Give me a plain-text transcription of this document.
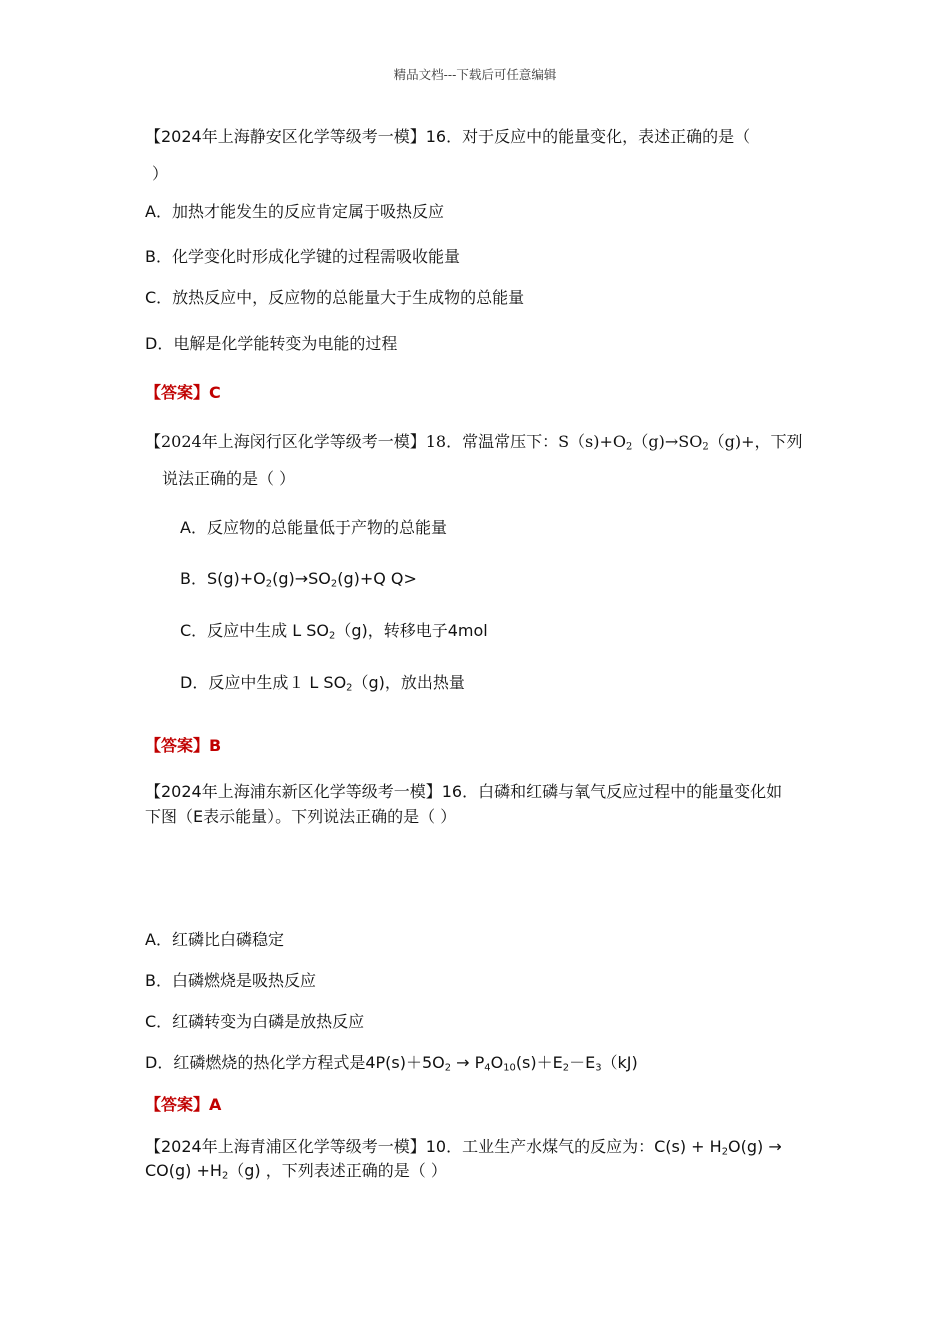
精品文档---下载后可任意编辑
【2024年上海静安区化学等级考一模】16．对于反应中的能量变化，表述正确的是（
）
A．加热才能发生的反应肯定属于吸热反应
B．化学变化时形成化学键的过程需吸收能量
C．放热反应中，反应物的总能量大于生成物的总能量
D．电解是化学能转变为电能的过程
【答案】C
【2024年上海闵行区化学等级考一模】18．常温常压下：$S(s)+O_2(g)\to SO_2(g)+$，下列
说法正确的是（ ）
A．反应物的总能量低于产物的总能量
B．$S(g)+O_2(g)\to SO_2(g)+Q$ Q>
C．反应中生成 L $SO_2(g)$，转移电子4mol
D．反应中生成１ L $SO_2(g)$，放出热量
【答案】B
【2024年上海浦东新区化学等级考一模】16．白磷和红磷与氧气反应过程中的能量变化如
下图（E表示能量）。下列说法正确的是（ ）
A．红磷比白磷稳定
B．白磷燃烧是吸热反应
C．红磷转变为白磷是放热反应
D．红磷燃烧的热化学方程式是$4P(s)+5O_2 \to P_4O_{10}(s)+E_2-E_3(kJ)$
【答案】A
【2024年上海青浦区化学等级考一模】10．工业生产水煤气的反应为：$C(s) + H_2O(g)$ →
$CO(g) +H_2(g)$ ，下列表述正确的是（ ）
